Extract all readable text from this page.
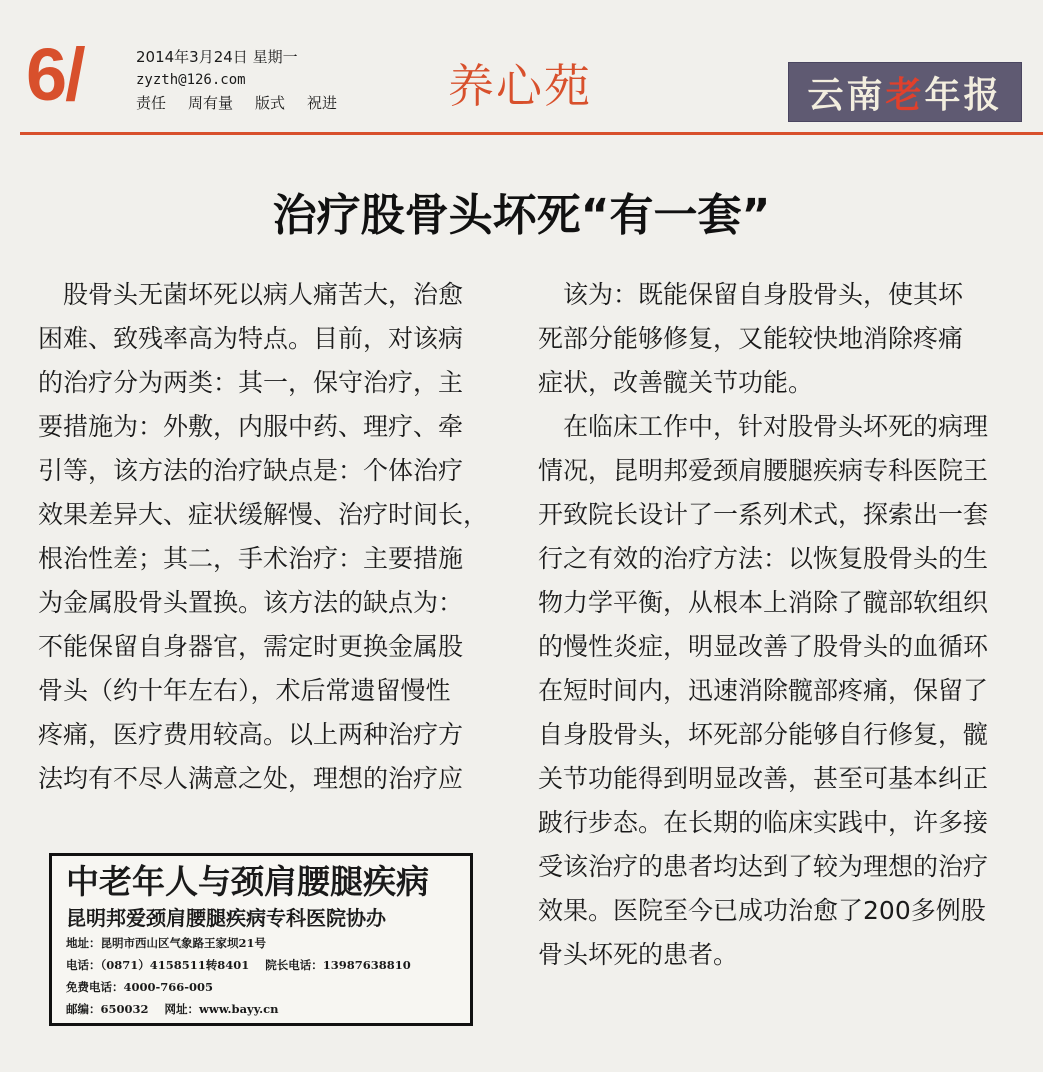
6/	2014年3月24日 星期一
zyzth@126.com
责任 周有量 版式 祝进	养心苑	云南老年报
治疗股骨头坏死“有一套”
　股骨头无菌坏死以病人痛苦大，治愈
困难、致残率高为特点。目前，对该病
的治疗分为两类：其一，保守治疗，主
要措施为：外敷，内服中药、理疗、牵
引等，该方法的治疗缺点是：个体治疗
效果差异大、症状缓解慢、治疗时间长，
根治性差；其二，手术治疗：主要措施
为金属股骨头置换。该方法的缺点为：
不能保留自身器官，需定时更换金属股
骨头（约十年左右），术后常遗留慢性
疼痛，医疗费用较高。以上两种治疗方
法均有不尽人满意之处，理想的治疗应
　该为：既能保留自身股骨头，使其坏
死部分能够修复，又能较快地消除疼痛
症状，改善髋关节功能。
　在临床工作中，针对股骨头坏死的病理
情况，昆明邦爱颈肩腰腿疾病专科医院王
开致院长设计了一系列术式，探索出一套
行之有效的治疗方法：以恢复股骨头的生
物力学平衡，从根本上消除了髋部软组织
的慢性炎症，明显改善了股骨头的血循环
在短时间内，迅速消除髋部疼痛，保留了
自身股骨头，坏死部分能够自行修复，髋
关节功能得到明显改善，甚至可基本纠正
跛行步态。在长期的临床实践中，许多接
受该治疗的患者均达到了较为理想的治疗
效果。医院至今已成功治愈了200多例股
骨头坏死的患者。
中老年人与颈肩腰腿疾病
昆明邦爱颈肩腰腿疾病专科医院协办
地址：昆明市西山区气象路王家坝21号
电话：（0871）4158511转8401 院长电话：13987638810
免费电话：4000-766-005
邮编：650032 网址：www.bayy.cn
